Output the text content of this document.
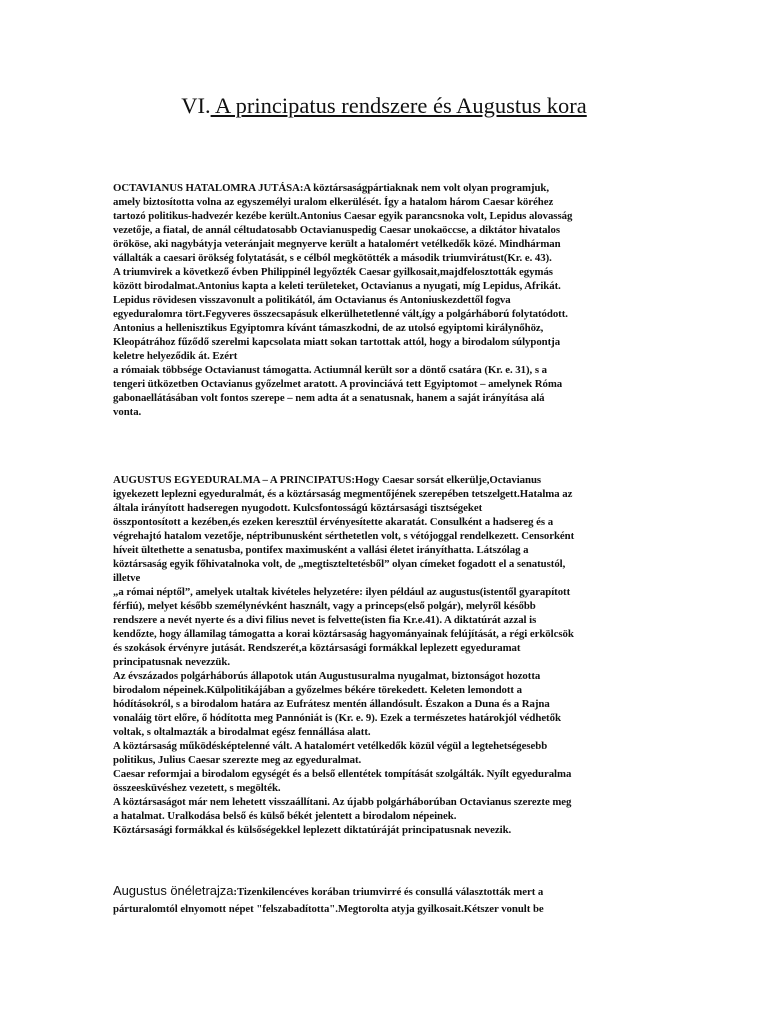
VI. A principatus rendszere és Augustus kora
OCTAVIANUS HATALOMRA JUTÁSA:A köztársaságpártiaknak nem volt olyan programjuk,
amely biztosította volna az egyszemélyi uralom elkerülését. Így a hatalom három Caesar köréhez
tartozó politikus-hadvezér kezébe került.Antonius Caesar egyik parancsnoka volt, Lepidus alovasság
vezetője, a fiatal, de annál céltudatosabb Octavianuspedig Caesar unokaöccse, a diktátor hivatalos
örököse, aki nagybátyja veteránjait megnyerve került a hatalomért vetélkedők közé. Mindhárman
vállalták a caesari örökség folytatását, s e célból megkötötték a második triumvirátust(Kr. e. 43).
A triumvirek a következő évben Philippinél legyőzték Caesar gyilkosait,majdfelosztották egymás
között birodalmat.Antonius kapta a keleti területeket, Octavianus a nyugati, míg Lepidus, Afrikát.
Lepidus rövidesen visszavonult a politikától, ám Octavianus és Antoniuskezdettől fogva
egyeduralomra tört.Fegyveres összecsapásuk elkerülhetetlenné vált,így a polgárháború folytatódott.
Antonius a hellenisztikus Egyiptomra kívánt támaszkodni, de az utolsó egyiptomi királynőhöz,
Kleopátrához fűződő szerelmi kapcsolata miatt sokan tartottak attól, hogy a birodalom súlypontja
keletre helyeződik át. Ezért
a rómaiak többsége Octavianust támogatta. Actiumnál került sor a döntő csatára (Kr. e. 31), s a
tengeri ütközetben Octavianus győzelmet aratott. A provinciává tett Egyiptomot – amelynek Róma
gabonaellátásában volt fontos szerepe – nem adta át a senatusnak, hanem a saját irányítása alá
vonta.
AUGUSTUS EGYEDURALMA – A PRINCIPATUS:Hogy Caesar sorsát elkerülje,Octavianus
igyekezett leplezni egyeduralmát, és a köztársaság megmentőjének szerepében tetszelgett.Hatalma az
általa irányított hadseregen nyugodott. Kulcsfontosságú köztársasági tisztségeket
összpontosított a kezében,és ezeken keresztül érvényesítette akaratát. Consulként a hadsereg és a
végrehajtó hatalom vezetője, néptribunusként sérthetetlen volt, s vétójoggal rendelkezett. Censorként
híveit ültethette a senatusba, pontifex maximusként a vallási életet irányíthatta. Látszólag a
köztársaság egyik főhivatalnoka volt, de „megtiszteltetésből” olyan címeket fogadott el a senatustól,
illetve
„a római néptől”, amelyek utaltak kivételes helyzetére: ilyen például az augustus(istentől gyarapított
férfiú), melyet később személynévként használt, vagy a princeps(első polgár), melyről később
rendszere a nevét nyerte és a divi filius nevet is felvette(isten fia Kr.e.41). A diktatúrát azzal is
kendőzte, hogy államilag támogatta a korai köztársaság hagyományainak felújítását, a régi erkölcsök
és szokások érvényre jutását. Rendszerét,a köztársasági formákkal leplezett egyeduramat
principatusnak nevezzük.
Az évszázados polgárháborús állapotok után Augustusuralma nyugalmat, biztonságot hozotta
birodalom népeinek.Külpolitikájában a győzelmes békére törekedett. Keleten lemondott a
hódításokról, s a birodalom határa az Eufrátesz mentén állandósult. Északon a Duna és a Rajna
vonaláig tört előre, ő hódította meg Pannóniát is (Kr. e. 9). Ezek a természetes határokjól védhetők
voltak, s oltalmazták a birodalmat egész fennállása alatt.
A köztársaság működésképtelenné vált. A hatalomért vetélkedők közül végül a legtehetségesebb
politikus, Julius Caesar szerezte meg az egyeduralmat.
Caesar reformjai a birodalom egységét és a belső ellentétek tompítását szolgálták. Nyílt egyeduralma
összeesküvéshez vezetett, s megölték.
A köztársaságot már nem lehetett visszaállítani. Az újabb polgárháborúban Octavianus szerezte meg
a hatalmat. Uralkodása belső és külső békét jelentett a birodalom népeinek.
Köztársasági formákkal és külsőségekkel leplezett diktatúráját principatusnak nevezik.
Augustus önéletrajza:Tizenkilencéves korában triumvirré és consullá választották mert a
párturalomtól elnyomott népet "felszabadította".Megtorolta atyja gyilkosait.Kétszer vonult be
